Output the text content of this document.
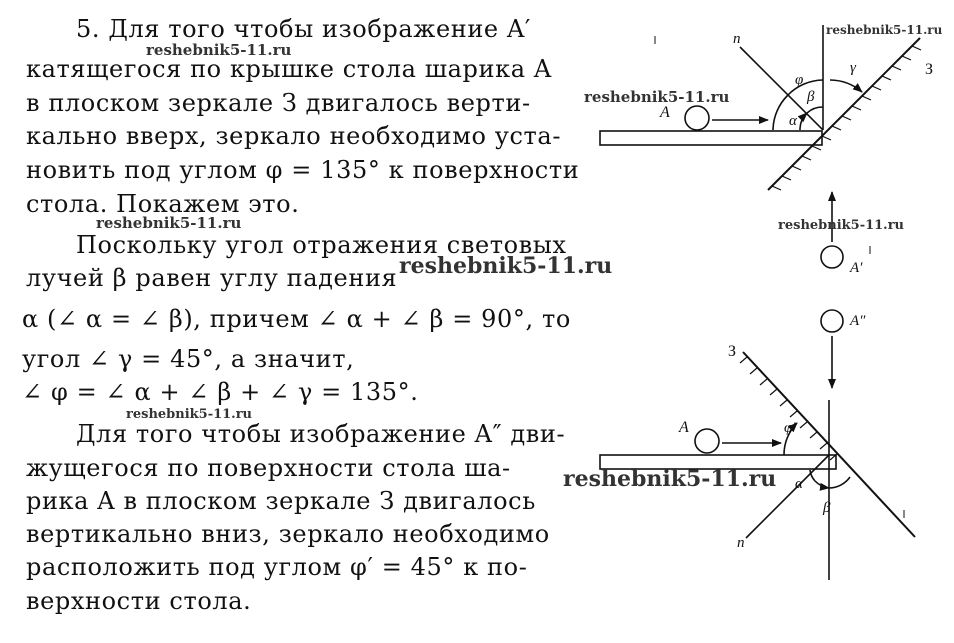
5. Для того чтобы изображение A′
катящегося по крышке стола шарика A
в плоском зеркале З двигалось верти-
кально вверх, зеркало необходимо уста-
новить под углом φ = 135° к поверхности
стола. Покажем это.
Поскольку угол отражения световых
лучей β равен углу падения
α (∠ α = ∠ β), причем ∠ α + ∠ β = 90°, то
угол ∠ γ = 45°, а значит,
∠ φ = ∠ α + ∠ β + ∠ γ = 135°.
Для того чтобы изображение A″ дви-
жущегося по поверхности стола ша-
рика A в плоском зеркале З двигалось
вертикально вниз, зеркало необходимо
расположить под углом φ′ = 45° к по-
верхности стола.
n
З
A
φ
γ
β
α
A′
A″
З
A	φ′
α
β
n
reshebnik5-11.ru
reshebnik5-11.ru
reshebnik5-11.ru
reshebnik5-11.ru	reshebnik5-11.ru
reshebnik5-11.ru
reshebnik5-11.ru
reshebnik5-11.ru
